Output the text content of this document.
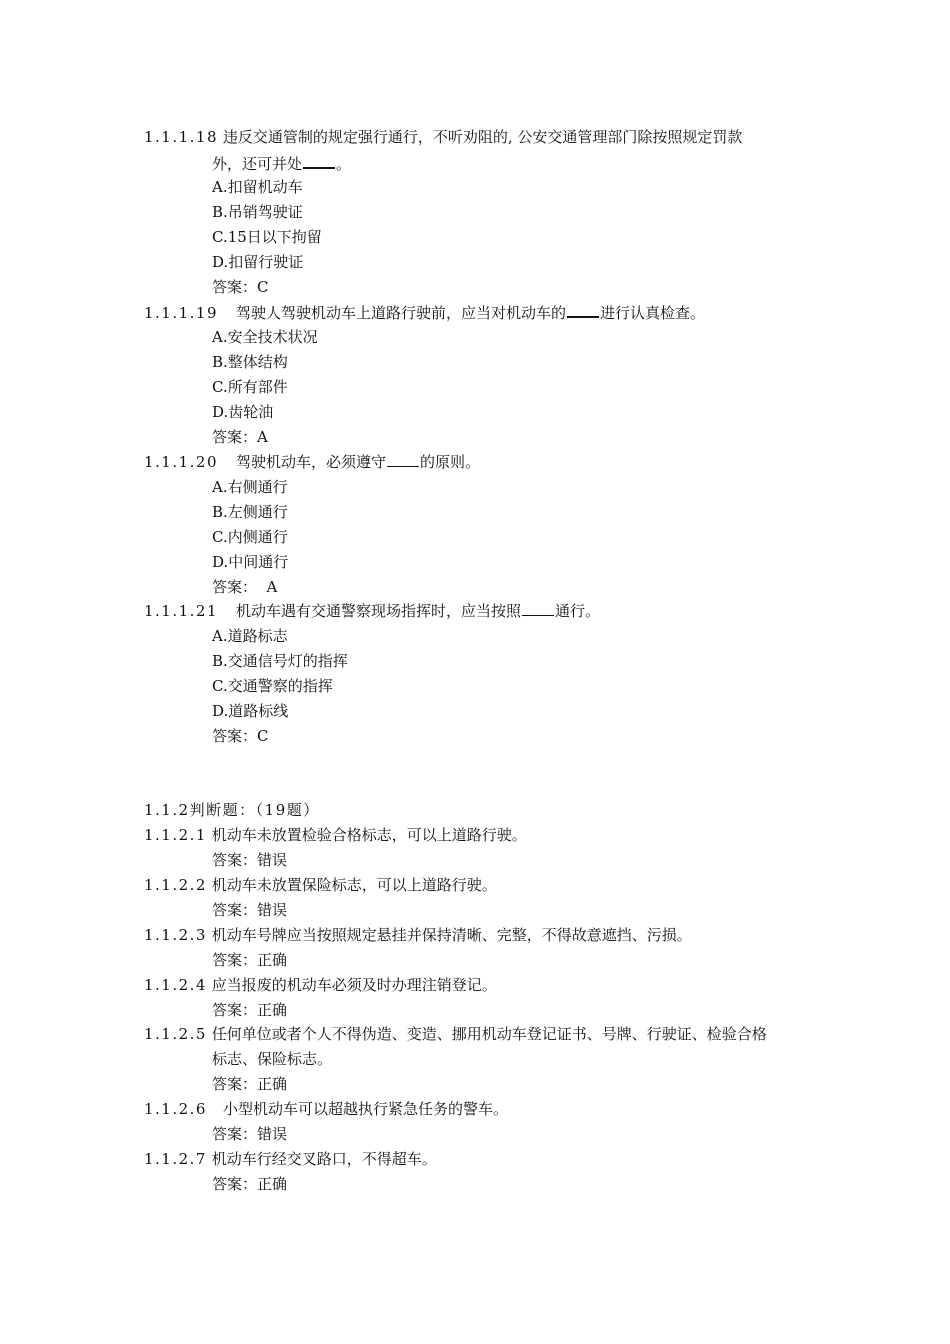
1.1.1.18 违反交通管制的规定强行通行，不听劝阻的, 公安交通管理部门除按照规定罚款
外，还可并处 。
A.扣留机动车
B.吊销驾驶证
C.15日以下拘留
D.扣留行驶证
答案：C
1.1.1.19 驾驶人驾驶机动车上道路行驶前，应当对机动车的 进行认真检查。
A.安全技术状况
B.整体结构
C.所有部件
D.齿轮油
答案：A
1.1.1.20 驾驶机动车，必须遵守 的原则。
A.右侧通行
B.左侧通行
C.内侧通行
D.中间通行
答案：  A
1.1.1.21 机动车遇有交通警察现场指挥时，应当按照 通行。
A.道路标志
B.交通信号灯的指挥
C.交通警察的指挥
D.道路标线
答案：C
1.1.2判断题：（19题）
1.1.2.1 机动车未放置检验合格标志，可以上道路行驶。
答案：错误
1.1.2.2 机动车未放置保险标志，可以上道路行驶。
答案：错误
1.1.2.3 机动车号牌应当按照规定悬挂并保持清晰、完整，不得故意遮挡、污损。
答案：正确
1.1.2.4 应当报废的机动车必须及时办理注销登记。
答案：正确
1.1.2.5 任何单位或者个人不得伪造、变造、挪用机动车登记证书、号牌、行驶证、检验合格
标志、保险标志。
答案：正确
1.1.2.6 小型机动车可以超越执行紧急任务的警车。
答案：错误
1.1.2.7 机动车行经交叉路口，不得超车。
答案：正确
